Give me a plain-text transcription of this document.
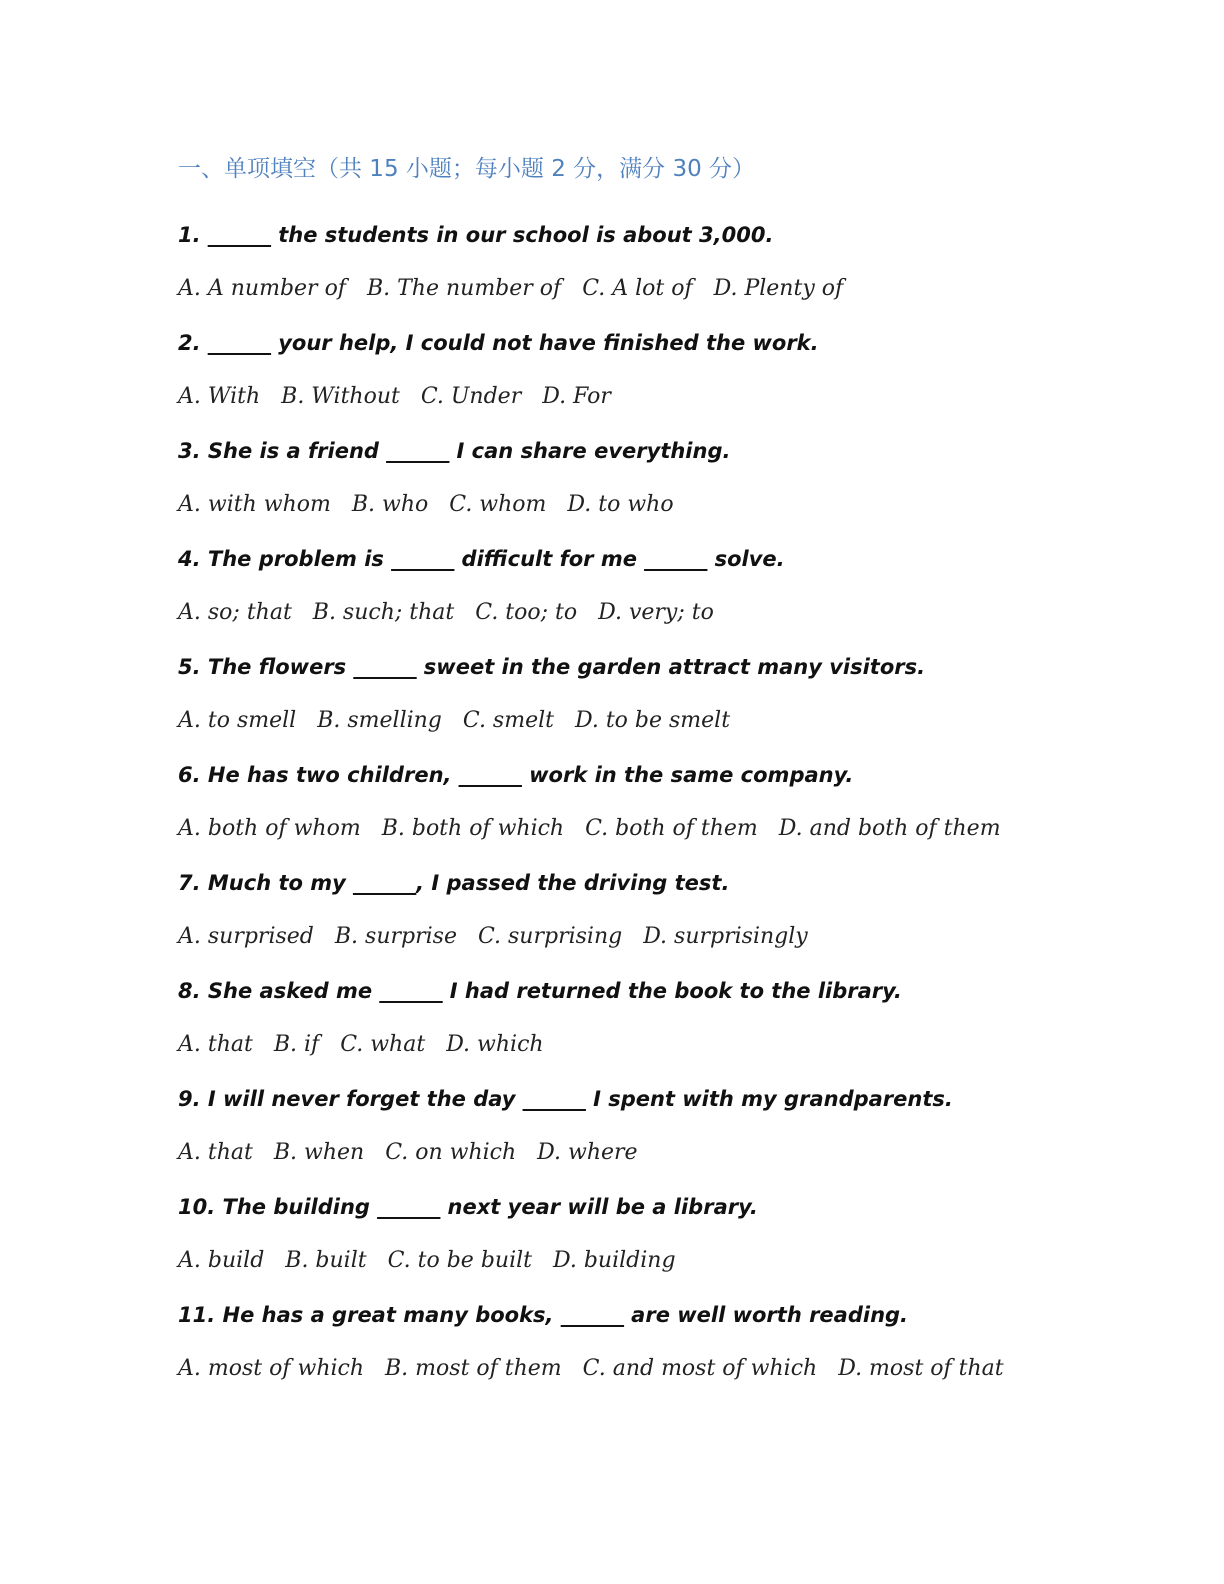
一、单项填空（共 15 小题；每小题 2 分，满分 30 分）
1. ______ the students in our school is about 3,000.
A. A number of B. The number of C. A lot of D. Plenty of
2. ______ your help, I could not have finished the work.
A. With B. Without C. Under D. For
3. She is a friend ______ I can share everything.
A. with whom B. who C. whom D. to who
4. The problem is ______ difficult for me ______ solve.
A. so; that B. such; that C. too; to D. very; to
5. The flowers ______ sweet in the garden attract many visitors.
A. to smell B. smelling C. smelt D. to be smelt
6. He has two children, ______ work in the same company.
A. both of whom B. both of which C. both of them D. and both of them
7. Much to my ______, I passed the driving test.
A. surprised B. surprise C. surprising D. surprisingly
8. She asked me ______ I had returned the book to the library.
A. that B. if C. what D. which
9. I will never forget the day ______ I spent with my grandparents.
A. that B. when C. on which D. where
10. The building ______ next year will be a library.
A. build B. built C. to be built D. building
11. He has a great many books, ______ are well worth reading.
A. most of which B. most of them C. and most of which D. most of that
